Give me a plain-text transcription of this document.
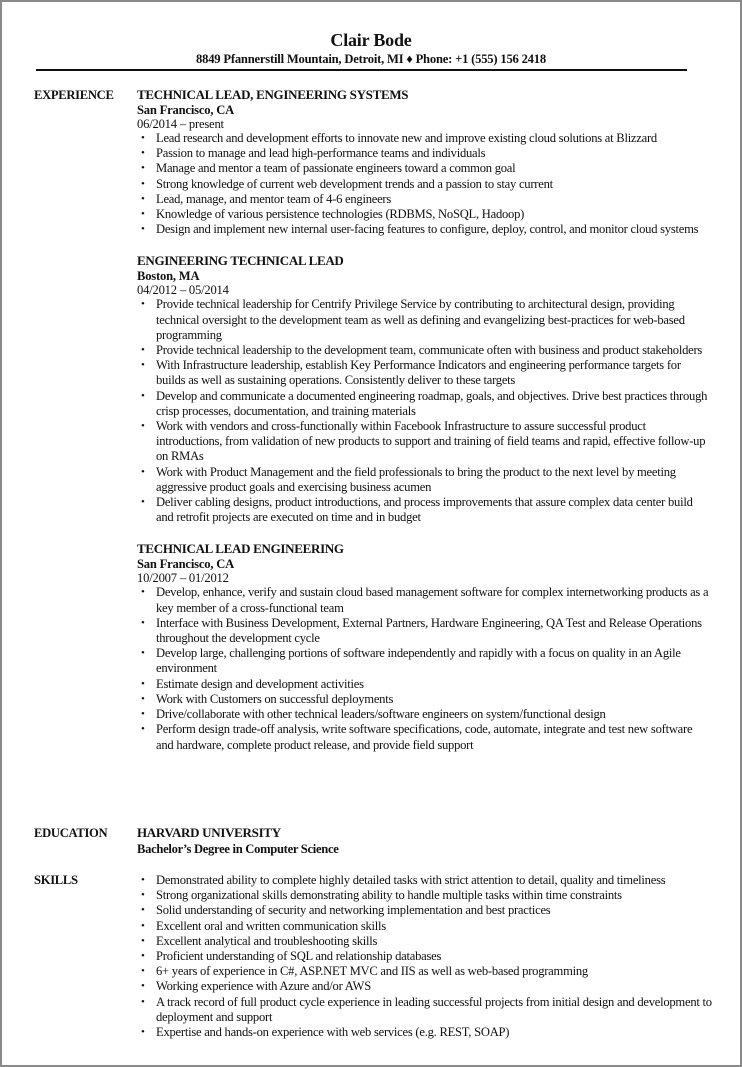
Clair Bode
8849 Pfannerstill Mountain, Detroit, MI ♦ Phone: +1 (555) 156 2418
EXPERIENCE TECHNICAL LEAD, ENGINEERING SYSTEMS
San Francisco, CA
06/2014 – present
• Lead research and development efforts to innovate new and improve existing cloud solutions at Blizzard
• Passion to manage and lead high-performance teams and individuals
• Manage and mentor a team of passionate engineers toward a common goal
• Strong knowledge of current web development trends and a passion to stay current
• Lead, manage, and mentor team of 4-6 engineers
• Knowledge of various persistence technologies (RDBMS, NoSQL, Hadoop)
• Design and implement new internal user-facing features to configure, deploy, control, and monitor cloud systems
ENGINEERING TECHNICAL LEAD
Boston, MA
04/2012 – 05/2014
• Provide technical leadership for Centrify Privilege Service by contributing to architectural design, providing technical oversight to the development team as well as defining and evangelizing best-practices for web-based programming
• Provide technical leadership to the development team, communicate often with business and product stakeholders
• With Infrastructure leadership, establish Key Performance Indicators and engineering performance targets for builds as well as sustaining operations. Consistently deliver to these targets
• Develop and communicate a documented engineering roadmap, goals, and objectives. Drive best practices through crisp processes, documentation, and training materials
• Work with vendors and cross-functionally within Facebook Infrastructure to assure successful product introductions, from validation of new products to support and training of field teams and rapid, effective follow-up on RMAs
• Work with Product Management and the field professionals to bring the product to the next level by meeting aggressive product goals and exercising business acumen
• Deliver cabling designs, product introductions, and process improvements that assure complex data center build and retrofit projects are executed on time and in budget
TECHNICAL LEAD ENGINEERING
San Francisco, CA
10/2007 – 01/2012
• Develop, enhance, verify and sustain cloud based management software for complex internetworking products as a key member of a cross-functional team
• Interface with Business Development, External Partners, Hardware Engineering, QA Test and Release Operations throughout the development cycle
• Develop large, challenging portions of software independently and rapidly with a focus on quality in an Agile environment
• Estimate design and development activities
• Work with Customers on successful deployments
• Drive/collaborate with other technical leaders/software engineers on system/functional design
• Perform design trade-off analysis, write software specifications, code, automate, integrate and test new software and hardware, complete product release, and provide field support
EDUCATION HARVARD UNIVERSITY
Bachelor’s Degree in Computer Science
SKILLS	• Demonstrated ability to complete highly detailed tasks with strict attention to detail, quality and timeliness
• Strong organizational skills demonstrating ability to handle multiple tasks within time constraints
• Solid understanding of security and networking implementation and best practices
• Excellent oral and written communication skills
• Excellent analytical and troubleshooting skills
• Proficient understanding of SQL and relationship databases
• 6+ years of experience in C#, ASP.NET MVC and IIS as well as web-based programming
• Working experience with Azure and/or AWS
• A track record of full product cycle experience in leading successful projects from initial design and development to deployment and support
• Expertise and hands-on experience with web services (e.g. REST, SOAP)
